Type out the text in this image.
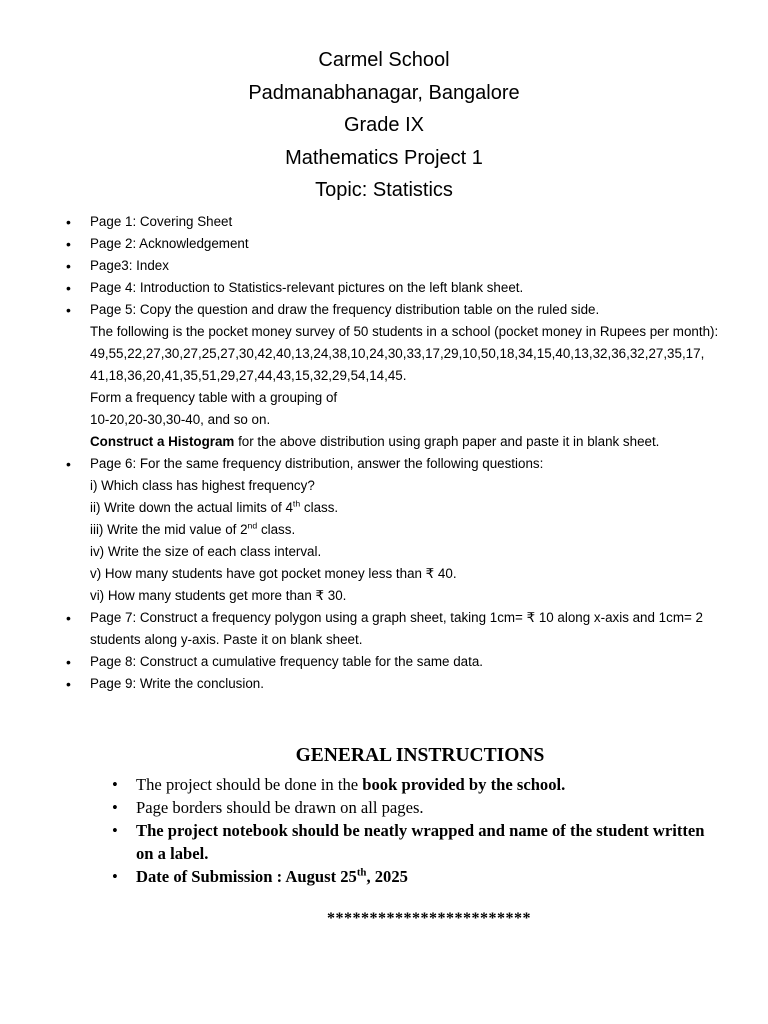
Carmel School
Padmanabhanagar, Bangalore
Grade IX
Mathematics Project 1
Topic: Statistics
• Page 1: Covering Sheet
• Page 2: Acknowledgement
• Page3: Index
• Page 4: Introduction to Statistics-relevant pictures on the left blank sheet.
• Page 5: Copy the question and draw the frequency distribution table on the ruled side.
The following is the pocket money survey of 50 students in a school (pocket money in Rupees per month):
49,55,22,27,30,27,25,27,30,42,40,13,24,38,10,24,30,33,17,29,10,50,18,34,15,40,13,32,36,32,27,35,17,
41,18,36,20,41,35,51,29,27,44,43,15,32,29,54,14,45.
Form a frequency table with a grouping of
10-20,20-30,30-40, and so on.
Construct a Histogram for the above distribution using graph paper and paste it in blank sheet.
• Page 6: For the same frequency distribution, answer the following questions:
i) Which class has highest frequency?
ii) Write down the actual limits of 4th class.
iii) Write the mid value of 2nd class.
iv) Write the size of each class interval.
v) How many students have got pocket money less than ₹ 40.
vi) How many students get more than ₹ 30.
• Page 7: Construct a frequency polygon using a graph sheet, taking 1cm= ₹ 10 along x-axis and 1cm= 2 students along y-axis. Paste it on blank sheet.
• Page 8: Construct a cumulative frequency table for the same data.
• Page 9: Write the conclusion.
GENERAL INSTRUCTIONS
• The project should be done in the book provided by the school.
• Page borders should be drawn on all pages.
• The project notebook should be neatly wrapped and name of the student written on a label.
• Date of Submission : August 25th, 2025
************************
